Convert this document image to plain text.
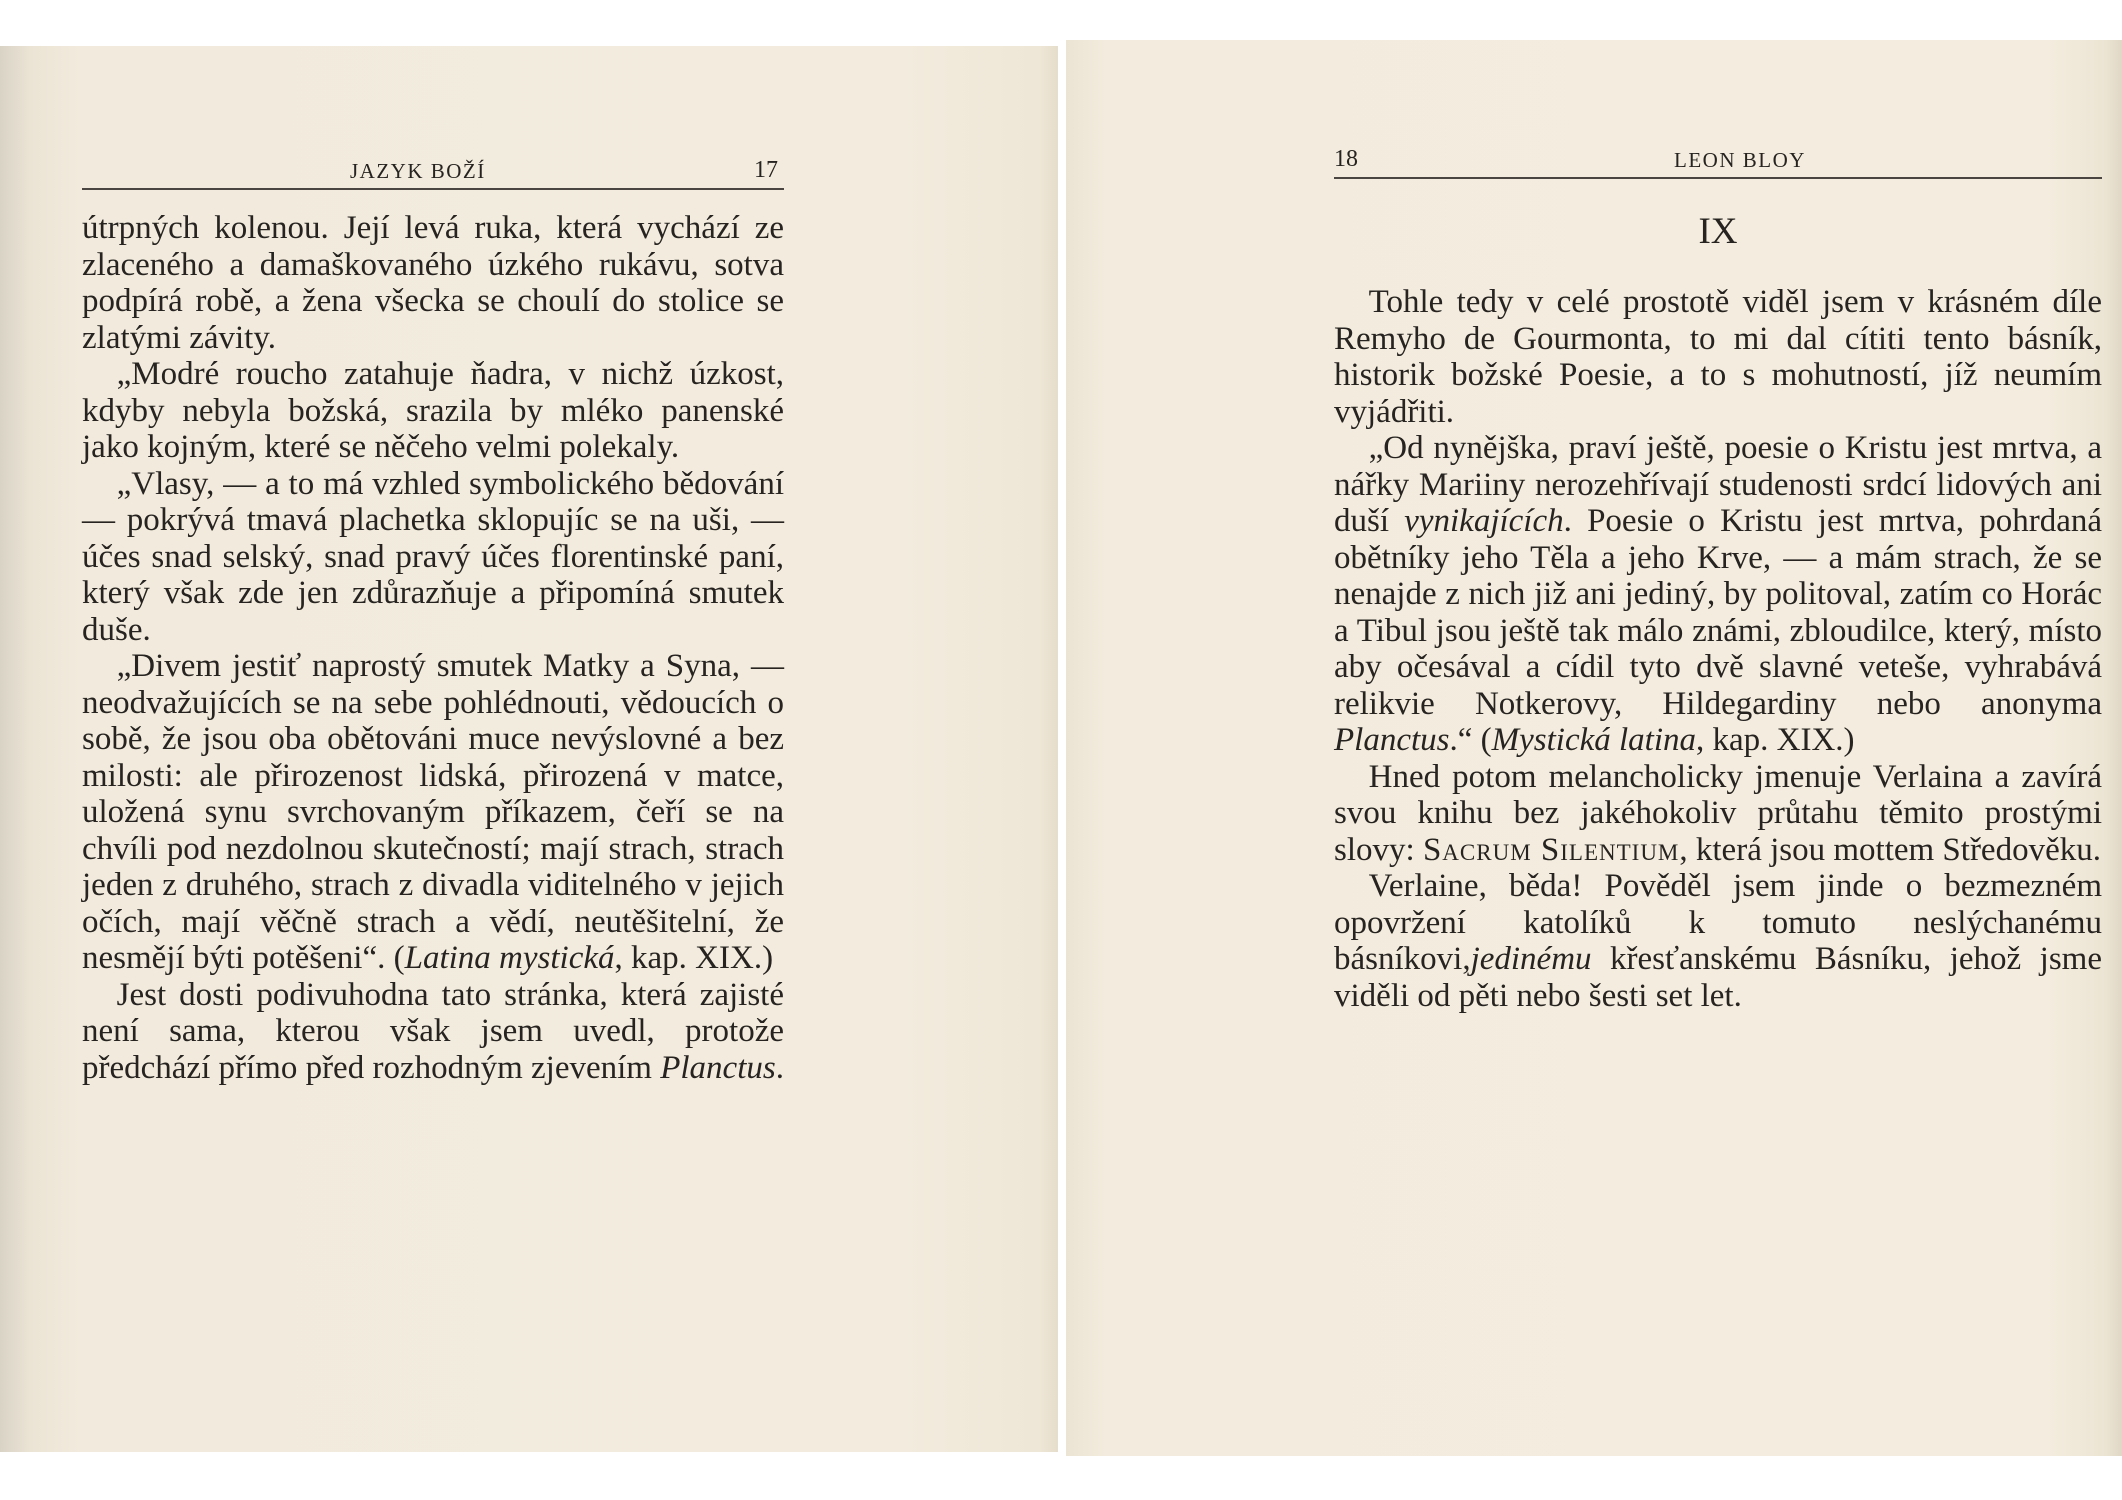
JAZYK BOŽÍ	17

útrpných kolenou. Její levá ruka, která vychází ze zlaceného a damaškovaného úzkého rukávu, sotva podpírá robě, a žena všecka se choulí do stolice se zlatými závity.

„Modré roucho zatahuje ňadra, v nichž úzkost, kdyby nebyla božská, srazila by mléko panenské jako kojným, které se něčeho velmi polekaly.

„Vlasy, — a to má vzhled symbolického bědování — pokrývá tmavá plachetka sklopujíc se na uši, — účes snad selský, snad pravý účes florentinské paní, který však zde jen zdůrazňuje a připomíná smutek duše.

„Divem jestiť naprostý smutek Matky a Syna, — neodvažujících se na sebe pohlédnouti, vědoucích o sobě, že jsou oba obětováni muce nevýslovné a bez milosti: ale přirozenost lidská, přirozená v matce, uložená synu svrchovaným příkazem, čeří se na chvíli pod nezdolnou skutečností; mají strach, strach jeden z druhého, strach z divadla viditelného v jejich očích, mají věčně strach a vědí, neutěšitelní, že nesmějí býti potěšeni“. (Latina mystická, kap. XIX.)

Jest dosti podivuhodna tato stránka, která zajisté není sama, kterou však jsem uvedl, protože předchází přímo před rozhodným zjevením Planctus.

18	LEON BLOY
IX

Tohle tedy v celé prostotě viděl jsem v krásném díle Remyho de Gourmonta, to mi dal cítiti tento básník, historik božské Poesie, a to s mohutností, jíž neumím vyjádřiti.

„Od nynějška, praví ještě, poesie o Kristu jest mrtva, a nářky Mariiny nerozehřívají studenosti srdcí lidových ani duší vynikajících. Poesie o Kristu jest mrtva, pohrdaná obětníky jeho Těla a jeho Krve, — a mám strach, že se nenajde z nich již ani jediný, by politoval, zatím co Horác a Tibul jsou ještě tak málo známi, zbloudilce, který, místo aby očesával a cídil tyto dvě slavné veteše, vyhrabává relikvie Notkerovy, Hildegardiny nebo anonyma Planctus.“ (Mystická latina, kap. XIX.)

Hned potom melancholicky jmenuje Verlaina a zavírá svou knihu bez jakéhokoliv průtahu těmito prostými slovy: Sacrum Silentium, která jsou mottem Středověku.

Verlaine, běda! Pověděl jsem jinde o bezmezném opovržení katolíků k tomuto neslýchanému básníkovi,jedinému křesťanskému Básníku, jehož jsme viděli od pěti nebo šesti set let.
